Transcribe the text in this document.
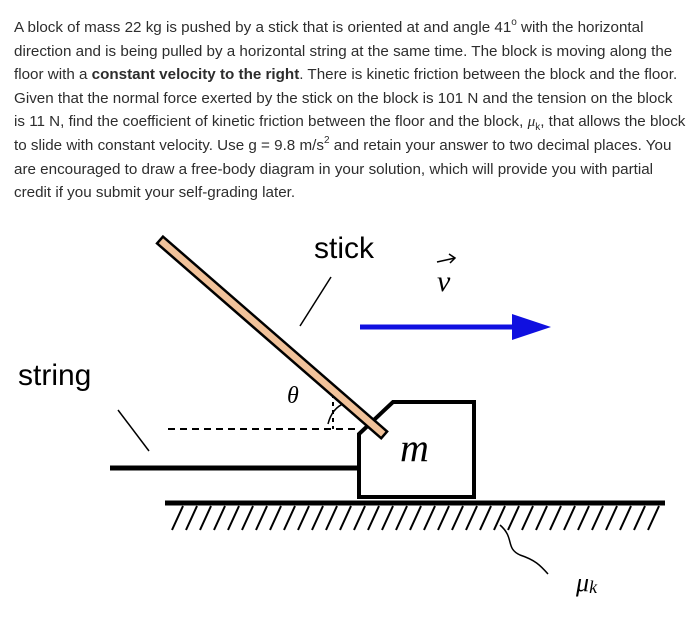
A block of mass 22 kg is pushed by a stick that is oriented at and angle 41$^o$ with the horizontal direction and is being pulled by a horizontal string at the same time. The block is moving along the floor with a constant velocity to the right. There is kinetic friction between the block and the floor. Given that the normal force exerted by the stick on the block is 101 N and the tension on the block is 11 N, find the coefficient of kinetic friction between the floor and the block, $\mu_k$, that allows the block to slide with constant velocity. Use g = 9.8 $m/s^2$ and retain your answer to two decimal places. You are encouraged to draw a free-body diagram in your solution, which will provide you with partial credit if you submit your self-grading later.
stick
string
θ
v
m
μk
